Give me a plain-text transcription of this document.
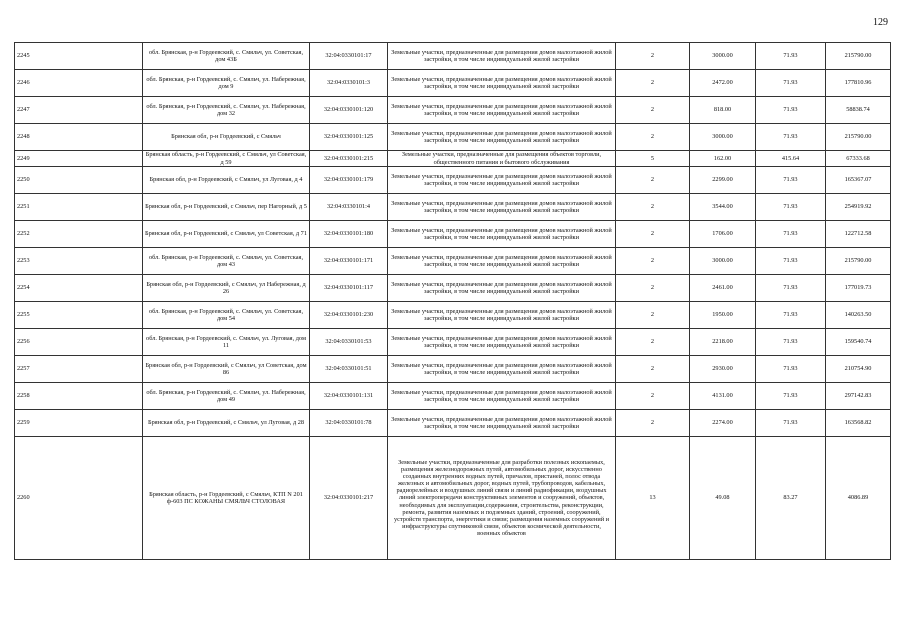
129
2245	обл. Брянская, р-н Гордеевский, с. Смяльч, ул. Советская, дом 43Б	32:04:0330101:17	Земельные участки, предназначенные для размещения домов малоэтажной жилой застройки, в том числе индивидуальной жилой застройки	2	3000.00	71.93	215790.00
2246	обл. Брянская, р-н Гордеевский, с. Смяльч, ул. Набережная, дом 9	32:04:0330101:3	Земельные участки, предназначенные для размещения домов малоэтажной жилой застройки, в том числе индивидуальной жилой застройки	2	2472.00	71.93	177810.96
2247	обл. Брянская, р-н Гордеевский, с. Смяльч, ул. Набережная, дом 32	32:04:0330101:120	Земельные участки, предназначенные для размещения домов малоэтажной жилой застройки, в том числе индивидуальной жилой застройки	2	818.00	71.93	58838.74
2248	Брянская обл, р-н Гордеевский, с Смяльч	32:04:0330101:125	Земельные участки, предназначенные для размещения домов малоэтажной жилой застройки, в том числе индивидуальной жилой застройки	2	3000.00	71.93	215790.00
2249	Брянская область, р-н Гордеевский, с Смяльч, ул Советская, д 59	32:04:0330101:215	Земельные участки, предназначенные для размещения объектов торговли, общественного питания и бытового обслуживания	5	162.00	415.64	67333.68
2250	Брянская обл, р-н Гордеевский, с Смяльч, ул Луговая, д 4	32:04:0330101:179	Земельные участки, предназначенные для размещения домов малоэтажной жилой застройки, в том числе индивидуальной жилой застройки	2	2299.00	71.93	165367.07
2251	Брянская обл, р-н Гордеевский, с Смяльч, пер Нагорный, д 5	32:04:0330101:4	Земельные участки, предназначенные для размещения домов малоэтажной жилой застройки, в том числе индивидуальной жилой застройки	2	3544.00	71.93	254919.92
2252	Брянская обл, р-н Гордеевский, с Смяльч, ул Советская, д 71	32:04:0330101:180	Земельные участки, предназначенные для размещения домов малоэтажной жилой застройки, в том числе индивидуальной жилой застройки	2	1706.00	71.93	122712.58
2253	обл. Брянская, р-н Гордеевский, с. Смяльч, ул. Советская, дом 43	32:04:0330101:171	Земельные участки, предназначенные для размещения домов малоэтажной жилой застройки, в том числе индивидуальной жилой застройки	2	3000.00	71.93	215790.00
2254	Брянская обл, р-н Гордеевский, с Смяльч, ул Набережная, д 26	32:04:0330101:117	Земельные участки, предназначенные для размещения домов малоэтажной жилой застройки, в том числе индивидуальной жилой застройки	2	2461.00	71.93	177019.73
2255	обл. Брянская, р-н Гордеевский, с. Смяльч, ул. Советская, дом 54	32:04:0330101:230	Земельные участки, предназначенные для размещения домов малоэтажной жилой застройки, в том числе индивидуальной жилой застройки	2	1950.00	71.93	140263.50
2256	обл. Брянская, р-н Гордеевский, с. Смяльч, ул. Луговая, дом 11	32:04:0330101:53	Земельные участки, предназначенные для размещения домов малоэтажной жилой застройки, в том числе индивидуальной жилой застройки	2	2218.00	71.93	159540.74
2257	Брянская обл, р-н Гордеевский, с Смяльч, ул Советская, дом 86	32:04:0330101:51	Земельные участки, предназначенные для размещения домов малоэтажной жилой застройки, в том числе индивидуальной жилой застройки	2	2930.00	71.93	210754.90
2258	обл. Брянская, р-н Гордеевский, с. Смяльч, ул. Набережная, дом 49	32:04:0330101:131	Земельные участки, предназначенные для размещения домов малоэтажной жилой застройки, в том числе индивидуальной жилой застройки	2	4131.00	71.93	297142.83
2259	Брянская обл, р-н Гордеевский, с Смяльч, ул Луговая, д 28	32:04:0330101:78	Земельные участки, предназначенные для размещения домов малоэтажной жилой застройки, в том числе индивидуальной жилой застройки	2	2274.00	71.93	163568.82
2260	Брянская область, р-н Гордеевский, с Смяльч, КТП N 201 ф-603 ПС КОЖАНЫ СМЯЛЬЧ СТОЛОВАЯ	32:04:0330101:217	Земельные участки, предназначенные для разработки полезных ископаемых, размещения железнодорожных путей, автомобильных дорог, искусственно созданных внутренних водных путей, причалов, пристаней, полос отвода железных и автомобильных дорог, водных путей, трубопроводов, кабельных, радиорелейных и воздушных линий связи и линий радиофикации, воздушных линий электропередачи конструктивных элементов и сооружений, объектов, необходимых для эксплуатации,содержания, строительства, реконструкции, ремонта, развития наземных и подземных зданий, строений, сооружений, устройств транспорта, энергетики и связи; размещения наземных сооружений и инфраструктуры спутниковой связи, объектов космической деятельности, военных объектов	13	49.08	83.27	4086.89
